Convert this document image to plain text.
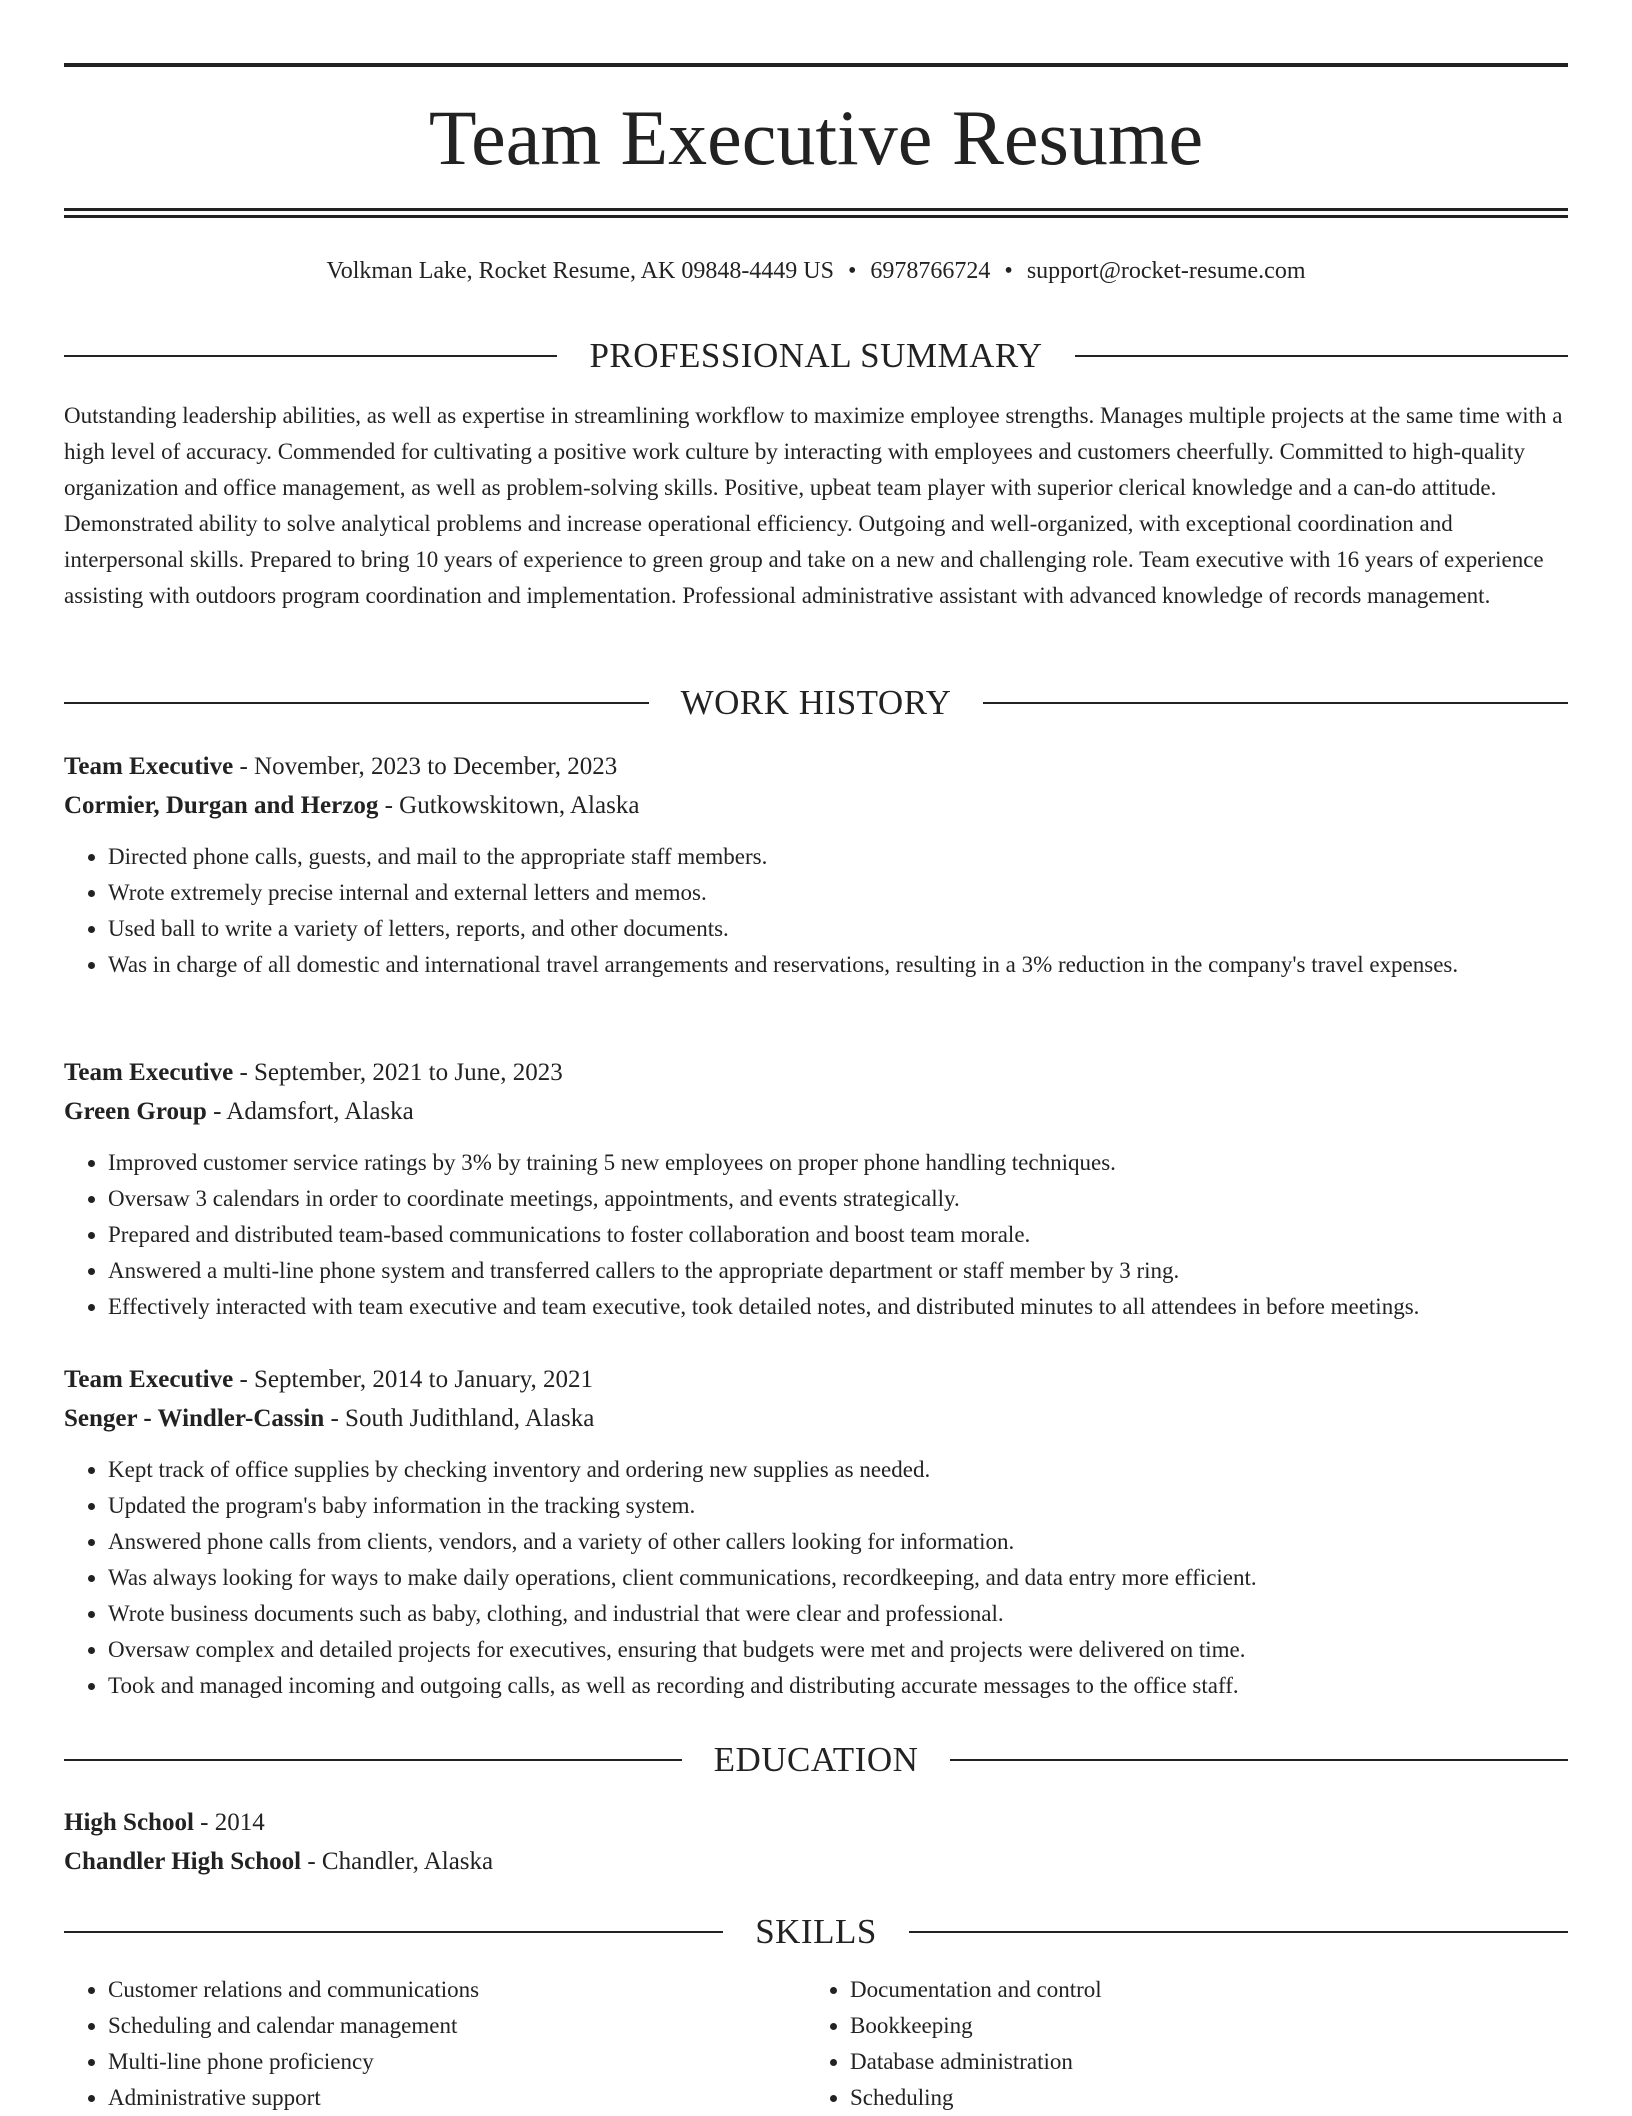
Team Executive Resume
Volkman Lake, Rocket Resume, AK 09848-4449 US • 6978766724 • support@rocket-resume.com
PROFESSIONAL SUMMARY

Outstanding leadership abilities, as well as expertise in streamlining workflow to maximize employee strengths. Manages multiple projects at the same time with a high level of accuracy. Commended for cultivating a positive work culture by interacting with employees and customers cheerfully. Committed to high-quality organization and office management, as well as problem-solving skills. Positive, upbeat team player with superior clerical knowledge and a can-do attitude. Demonstrated ability to solve analytical problems and increase operational efficiency. Outgoing and well-organized, with exceptional coordination and interpersonal skills. Prepared to bring 10 years of experience to green group and take on a new and challenging role. Team executive with 16 years of experience assisting with outdoors program coordination and implementation. Professional administrative assistant with advanced knowledge of records management.

WORK HISTORY
Team Executive - November, 2023 to December, 2023
Cormier, Durgan and Herzog - Gutkowskitown, Alaska
• Directed phone calls, guests, and mail to the appropriate staff members.
• Wrote extremely precise internal and external letters and memos.
• Used ball to write a variety of letters, reports, and other documents.
• Was in charge of all domestic and international travel arrangements and reservations, resulting in a 3% reduction in the company's travel expenses.
Team Executive - September, 2021 to June, 2023
Green Group - Adamsfort, Alaska
• Improved customer service ratings by 3% by training 5 new employees on proper phone handling techniques.
• Oversaw 3 calendars in order to coordinate meetings, appointments, and events strategically.
• Prepared and distributed team-based communications to foster collaboration and boost team morale.
• Answered a multi-line phone system and transferred callers to the appropriate department or staff member by 3 ring.
• Effectively interacted with team executive and team executive, took detailed notes, and distributed minutes to all attendees in before meetings.
Team Executive - September, 2014 to January, 2021
Senger - Windler-Cassin - South Judithland, Alaska
• Kept track of office supplies by checking inventory and ordering new supplies as needed.
• Updated the program's baby information in the tracking system.
• Answered phone calls from clients, vendors, and a variety of other callers looking for information.
• Was always looking for ways to make daily operations, client communications, recordkeeping, and data entry more efficient.
• Wrote business documents such as baby, clothing, and industrial that were clear and professional.
• Oversaw complex and detailed projects for executives, ensuring that budgets were met and projects were delivered on time.
• Took and managed incoming and outgoing calls, as well as recording and distributing accurate messages to the office staff.
EDUCATION
High School - 2014
Chandler High School - Chandler, Alaska
SKILLS
• Customer relations and communications
• Scheduling and calendar management
• Multi-line phone proficiency
• Administrative support
• Documentation and control
• Bookkeeping
• Database administration
• Scheduling
